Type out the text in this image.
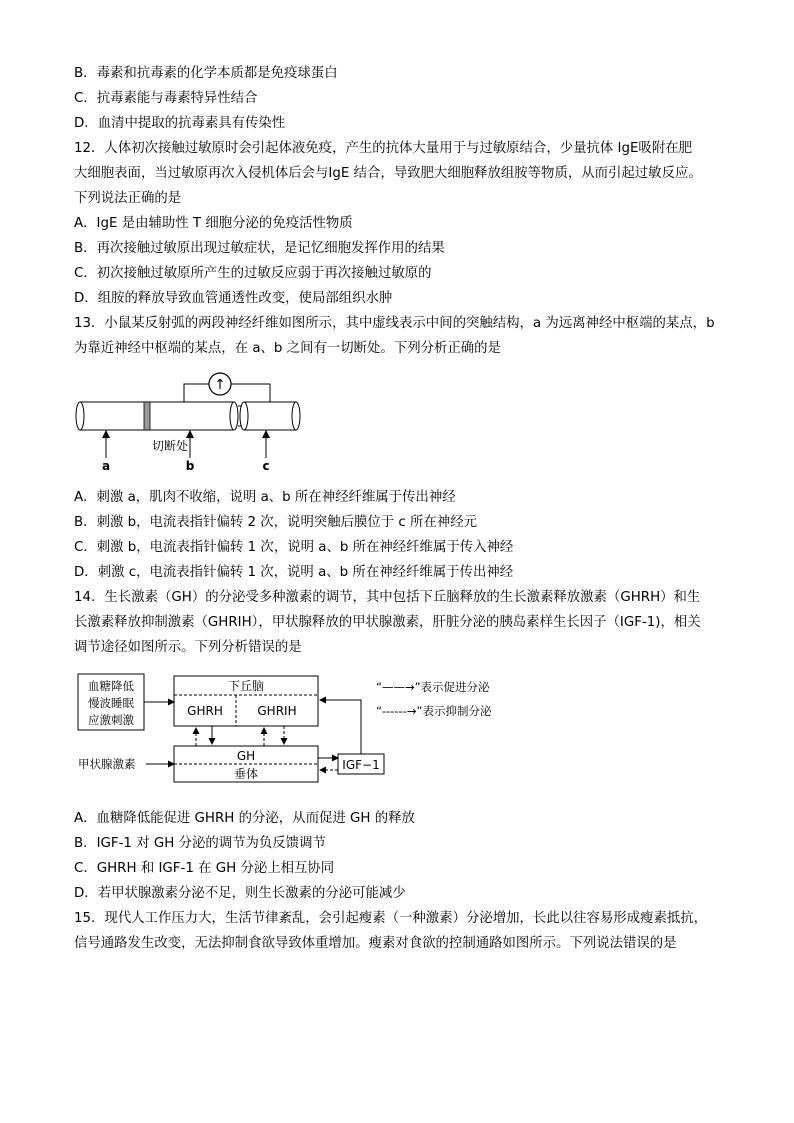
B．毒素和抗毒素的化学本质都是免疫球蛋白
C．抗毒素能与毒素特异性结合
D．血清中提取的抗毒素具有传染性
12．人体初次接触过敏原时会引起体液免疫，产生的抗体大量用于与过敏原结合，少量抗体 IgE吸附在肥
大细胞表面，当过敏原再次入侵机体后会与IgE 结合，导致肥大细胞释放组胺等物质，从而引起过敏反应。
下列说法正确的是
A．IgE 是由辅助性 T 细胞分泌的免疫活性物质
B．再次接触过敏原出现过敏症状，是记忆细胞发挥作用的结果
C．初次接触过敏原所产生的过敏反应弱于再次接触过敏原的
D．组胺的释放导致血管通透性改变，使局部组织水肿
13．小鼠某反射弧的两段神经纤维如图所示，其中虚线表示中间的突触结构，a 为远离神经中枢端的某点，b
为靠近神经中枢端的某点，在 a、b 之间有一切断处。下列分析正确的是
↑
切断处
a	b	c
A．刺激 a，肌肉不收缩，说明 a、b 所在神经纤维属于传出神经
B．刺激 b，电流表指针偏转 2 次，说明突触后膜位于 c 所在神经元
C．刺激 b，电流表指针偏转 1 次，说明 a、b 所在神经纤维属于传入神经
D．刺激 c，电流表指针偏转 1 次，说明 a、b 所在神经纤维属于传出神经
14．生长激素（GH）的分泌受多种激素的调节，其中包括下丘脑释放的生长激素释放激素（GHRH）和生
长激素释放抑制激素（GHRIH），甲状腺释放的甲状腺激素，肝脏分泌的胰岛素样生长因子（IGF-1)，相关
调节途径如图所示。下列分析错误的是
血糖降低
慢波睡眠
应激刺激
下丘脑
GHRH	GHRIH
GH
垂体
甲状腺激素	IGF−1
“——→”表示促进分泌
“------→”表示抑制分泌
A．血糖降低能促进 GHRH 的分泌，从而促进 GH 的释放
B．IGF-1 对 GH 分泌的调节为负反馈调节
C．GHRH 和 IGF-1 在 GH 分泌上相互协同
D．若甲状腺激素分泌不足，则生长激素的分泌可能减少
15．现代人工作压力大，生活节律紊乱，会引起瘦素（一种激素）分泌增加，长此以往容易形成瘦素抵抗，
信号通路发生改变，无法抑制食欲导致体重增加。瘦素对食欲的控制通路如图所示。下列说法错误的是
